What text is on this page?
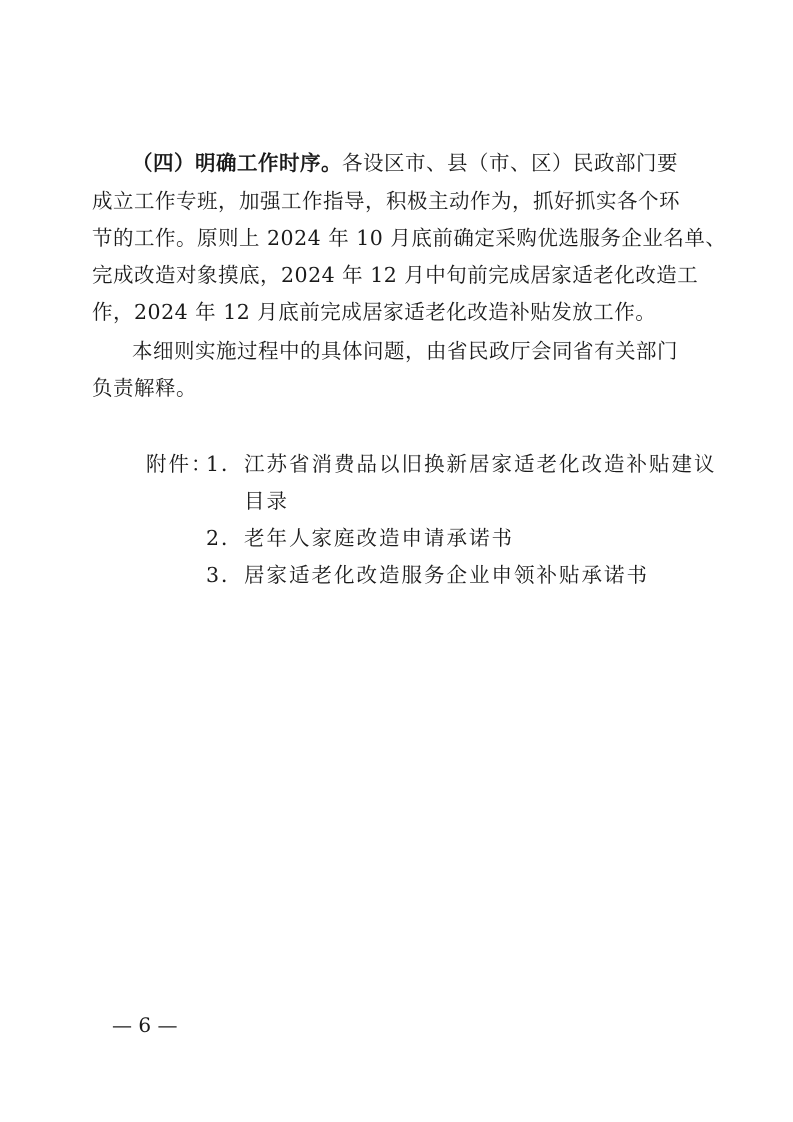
（四）明确工作时序。各设区市、县（市、区）民政部门要
成立工作专班，加强工作指导，积极主动作为，抓好抓实各个环
节的工作。原则上 2024 年 10 月底前确定采购优选服务企业名单、
完成改造对象摸底，2024 年 12 月中旬前完成居家适老化改造工
作，2024 年 12 月底前完成居家适老化改造补贴发放工作。
本细则实施过程中的具体问题，由省民政厅会同省有关部门
负责解释。
附件：
1． 江苏省消费品以旧换新居家适老化改造补贴建议
目录
2． 老年人家庭改造申请承诺书
3． 居家适老化改造服务企业申领补贴承诺书
— 6 —
